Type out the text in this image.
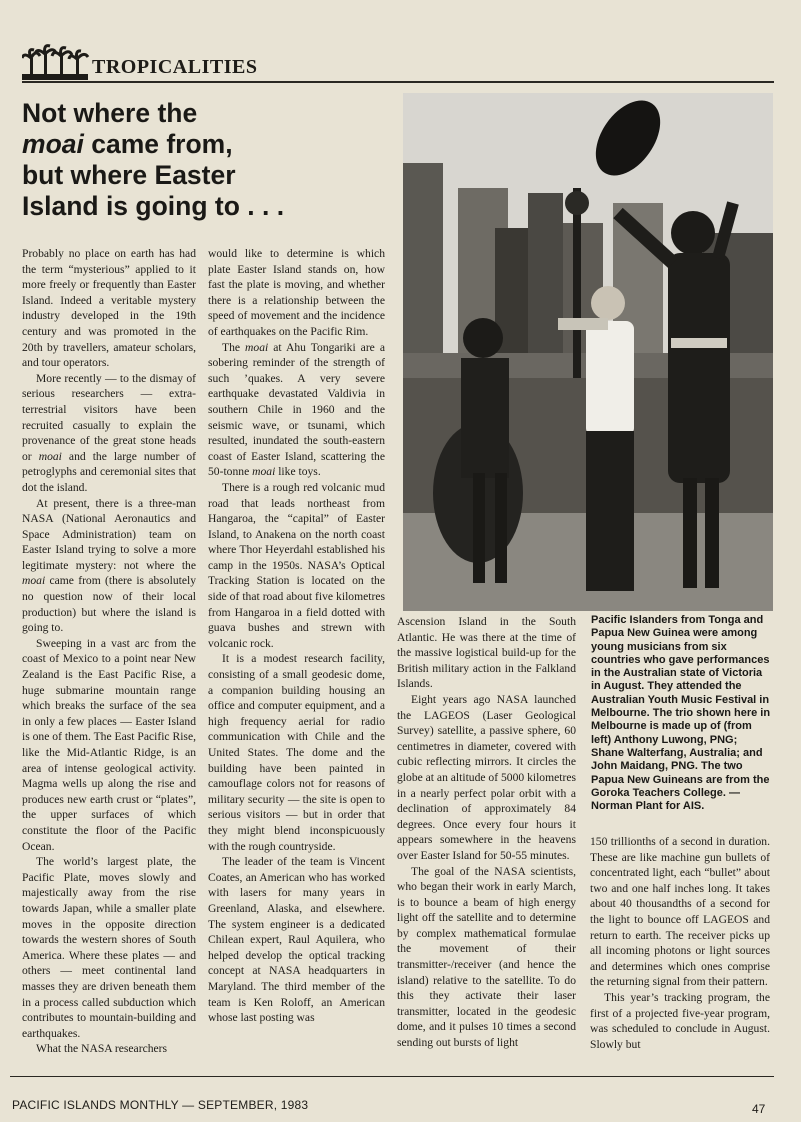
TROPICALITIES
Not where the
moai came from,
but where Easter
Island is going to . . .

Probably no place on earth has had the term “mysterious” applied to it more freely or frequently than Easter Island. Indeed a veritable mystery industry developed in the 19th century and was promoted in the 20th by travellers, amateur scholars, and tour operators.

More recently — to the dismay of serious researchers — extra-terrestrial visitors have been recruited casually to explain the provenance of the great stone heads or moai and the large number of petroglyphs and ceremonial sites that dot the island.

At present, there is a three-man NASA (National Aeronautics and Space Administration) team on Easter Island trying to solve a more legitimate mystery: not where the moai came from (there is absolutely no question now of their local production) but where the island is going to.

Sweeping in a vast arc from the coast of Mexico to a point near New Zealand is the East Pacific Rise, a huge submarine mountain range which breaks the surface of the sea in only a few places — Easter Island is one of them. The East Pacific Rise, like the Mid-Atlantic Ridge, is an area of intense geological activity. Magma wells up along the rise and produces new earth crust or “plates”, the upper surfaces of which constitute the floor of the Pacific Ocean.

The world’s largest plate, the Pacific Plate, moves slowly and majestically away from the rise towards Japan, while a smaller plate moves in the opposite direction towards the western shores of South America. Where these plates — and others — meet continental land masses they are driven beneath them in a process called subduction which contributes to mountain-building and earthquakes.

What the NASA researchers

would like to determine is which plate Easter Island stands on, how fast the plate is moving, and whether there is a relationship between the speed of movement and the incidence of earthquakes on the Pacific Rim.

The moai at Ahu Tongariki are a sobering reminder of the strength of such ’quakes. A very severe earthquake devastated Valdivia in southern Chile in 1960 and the seismic wave, or tsunami, which resulted, inundated the south-eastern coast of Easter Island, scattering the 50-tonne moai like toys.

There is a rough red volcanic mud road that leads northeast from Hangaroa, the “capital” of Easter Island, to Anakena on the north coast where Thor Heyerdahl established his camp in the 1950s. NASA’s Optical Tracking Station is located on the side of that road about five kilometres from Hangaroa in a field dotted with guava bushes and strewn with volcanic rock.

It is a modest research facility, consisting of a small geodesic dome, a companion building housing an office and computer equipment, and a high frequency aerial for radio communication with Chile and the United States. The dome and the building have been painted in camouflage colors not for reasons of military security — the site is open to serious visitors — but in order that they might blend inconspicuously with the rough countryside.

The leader of the team is Vincent Coates, an American who has worked with lasers for many years in Greenland, Alaska, and elsewhere. The system engineer is a dedicated Chilean expert, Raul Aquilera, who helped develop the optical tracking concept at NASA headquarters in Maryland. The third member of the team is Ken Roloff, an American whose last posting was

Ascension Island in the South Atlantic. He was there at the time of the massive logistical build-up for the British military action in the Falkland Islands.

Eight years ago NASA launched the LAGEOS (Laser Geological Survey) satellite, a passive sphere, 60 centimetres in diameter, covered with cubic reflecting mirrors. It circles the globe at an altitude of 5000 kilometres in a nearly perfect polar orbit with a declination of approximately 84 degrees. Once every four hours it appears somewhere in the heavens over Easter Island for 50-55 minutes.

The goal of the NASA scientists, who began their work in early March, is to bounce a beam of high energy light off the satellite and to determine by complex mathematical formulae the movement of their transmitter-/receiver (and hence the island) relative to the satellite. To do this they activate their laser transmitter, located in the geodesic dome, and it pulses 10 times a second sending out bursts of light

Pacific Islanders from Tonga and Papua New Guinea were among young musicians from six countries who gave performances in the Australian state of Victoria in August. They attended the Australian Youth Music Festival in Melbourne. The trio shown here in Melbourne is made up of (from left) Anthony Luwong, PNG; Shane Walterfang, Australia; and John Maidang, PNG. The two Papua New Guineans are from the Goroka Teachers College. — Norman Plant for AIS.

150 trillionths of a second in duration. These are like machine gun bullets of concentrated light, each “bullet” about two and one half inches long. It takes about 40 thousandths of a second for the light to bounce off LAGEOS and return to earth. The receiver picks up all incoming photons or light sources and determines which ones comprise the returning signal from their pattern.

This year’s tracking program, the first of a projected five-year program, was scheduled to conclude in August. Slowly but

PACIFIC ISLANDS MONTHLY — SEPTEMBER, 1983	47
